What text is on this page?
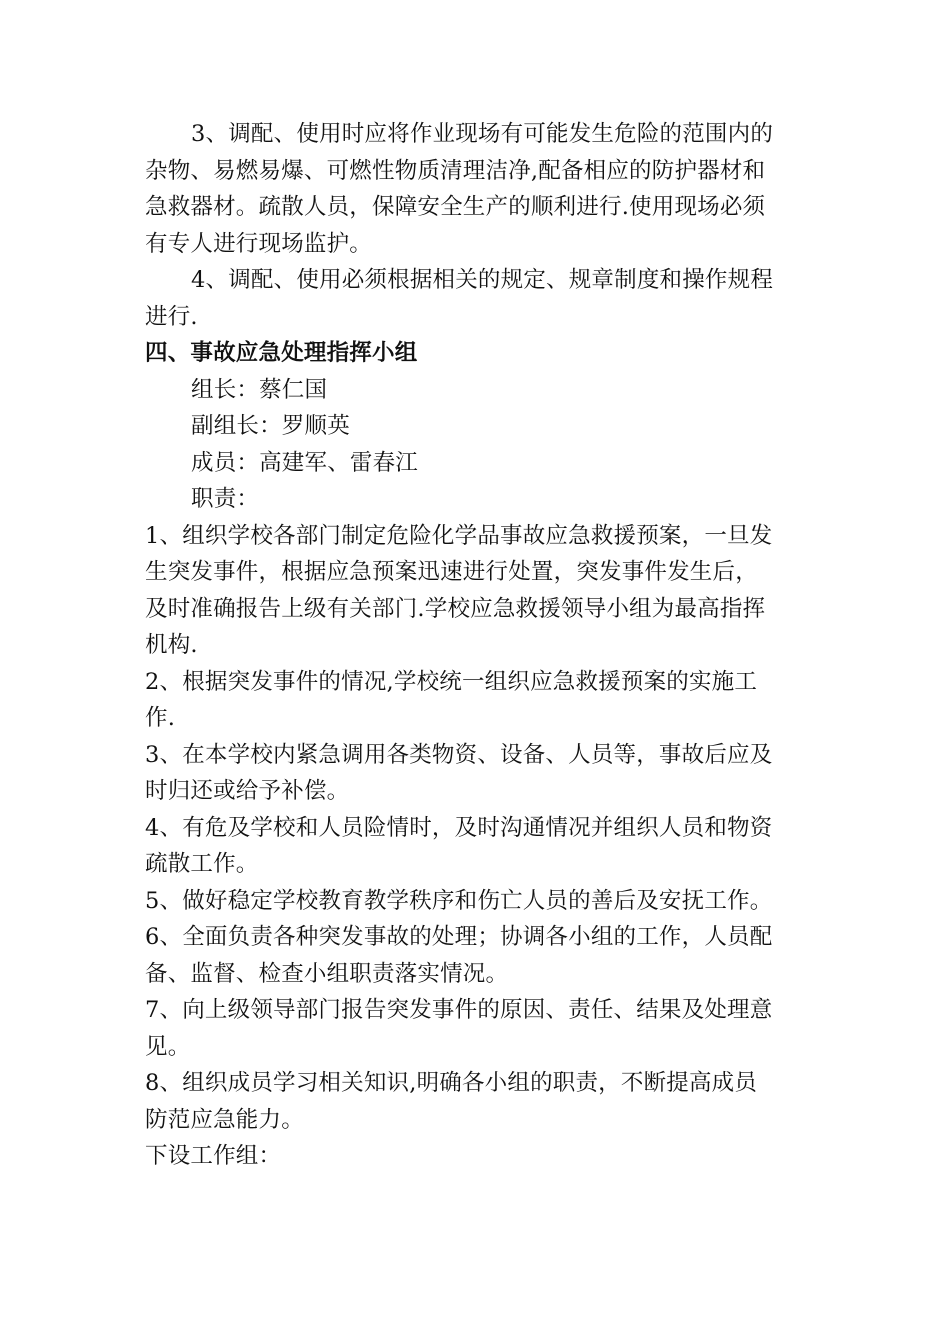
3、调配、使用时应将作业现场有可能发生危险的范围内的
杂物、易燃易爆、可燃性物质清理洁净,配备相应的防护器材和
急救器材。疏散人员，保障安全生产的顺利进行.使用现场必须
有专人进行现场监护。
4、调配、使用必须根据相关的规定、规章制度和操作规程
进行.
四、事故应急处理指挥小组
组长：蔡仁国
副组长：罗顺英
成员：高建军、雷春江
职责：
1、组织学校各部门制定危险化学品事故应急救援预案，一旦发
生突发事件，根据应急预案迅速进行处置，突发事件发生后，
及时准确报告上级有关部门.学校应急救援领导小组为最高指挥
机构.
2、根据突发事件的情况,学校统一组织应急救援预案的实施工
作.
3、在本学校内紧急调用各类物资、设备、人员等，事故后应及
时归还或给予补偿。
4、有危及学校和人员险情时，及时沟通情况并组织人员和物资
疏散工作。
5、做好稳定学校教育教学秩序和伤亡人员的善后及安抚工作。
6、全面负责各种突发事故的处理；协调各小组的工作，人员配
备、监督、检查小组职责落实情况。
7、向上级领导部门报告突发事件的原因、责任、结果及处理意
见。
8、组织成员学习相关知识,明确各小组的职责，不断提高成员
防范应急能力。
下设工作组：
